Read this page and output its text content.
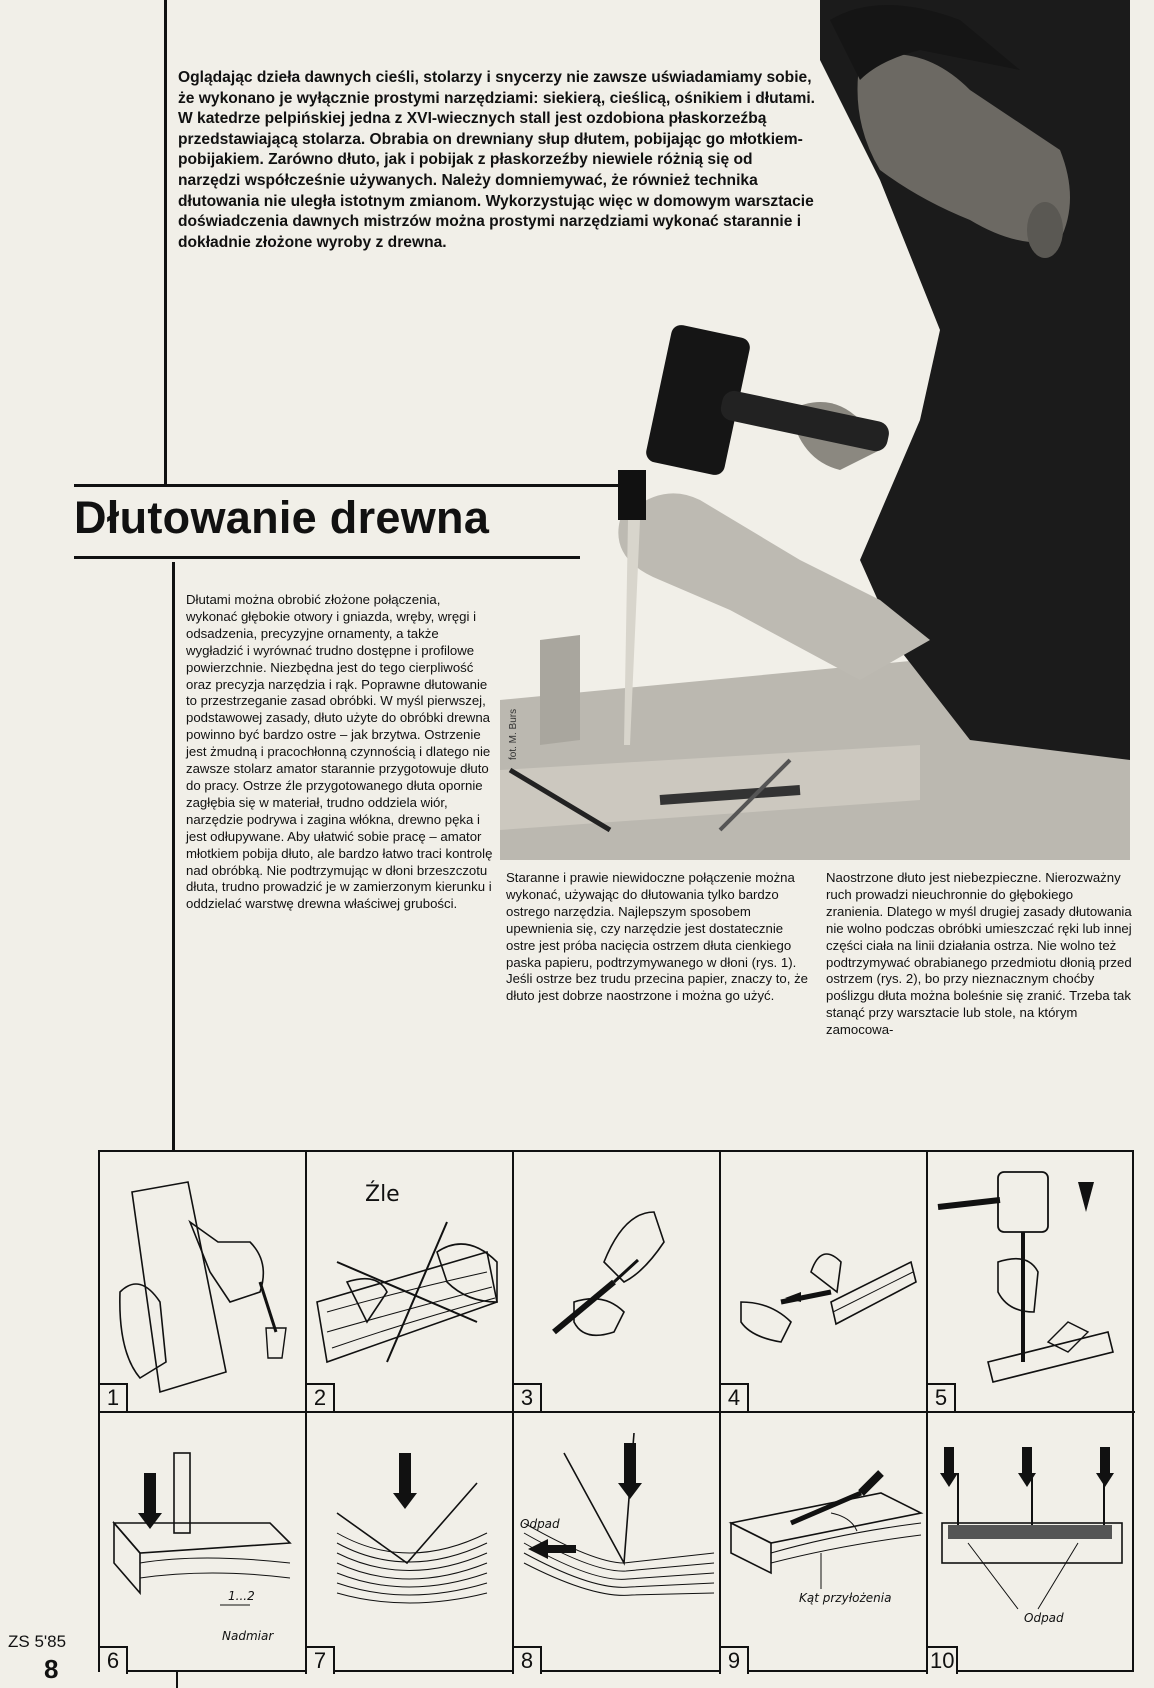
Oglądając dzieła dawnych cieśli, stolarzy i snycerzy nie zawsze uświadamiamy sobie, że wykonano je wyłącznie prostymi narzędziami: siekierą, cieślicą, ośnikiem i dłutami. W katedrze pelpińskiej jedna z XVI-wiecznych stall jest ozdobiona płaskorzeźbą przedstawiającą stolarza. Obrabia on drewniany słup dłutem, pobijając go młotkiem-pobijakiem. Zarówno dłuto, jak i pobijak z płaskorzeźby niewiele różnią się od narzędzi współcześnie używanych. Należy domniemywać, że również technika dłutowania nie uległa istotnym zmianom. Wykorzystując więc w domowym warsztacie doświadczenia dawnych mistrzów można prostymi narzędziami wykonać starannie i dokładnie złożone wyroby z drewna.

fot. M. Burs
Dłutowanie drewna

Dłutami można obrobić złożone połączenia, wykonać głębokie otwory i gniazda, wręby, wręgi i odsadzenia, precyzyjne ornamenty, a także wygładzić i wyrównać trudno dostępne i profilowe powierzchnie. Niezbędna jest do tego cierpliwość oraz precyzja narzędzia i rąk. Poprawne dłutowanie to przestrzeganie zasad obróbki. W myśl pierwszej, podstawowej zasady, dłuto użyte do obróbki drewna powinno być bardzo ostre – jak brzytwa. Ostrzenie jest żmudną i pracochłonną czynnością i dlatego nie zawsze stolarz amator starannie przygotowuje dłuto do pracy. Ostrze źle przygotowanego dłuta opornie zagłębia się w materiał, trudno oddziela wiór, narzędzie podrywa i zagina włókna, drewno pęka i jest odłupywane. Aby ułatwić sobie pracę – amator młotkiem pobija dłuto, ale bardzo łatwo traci kontrolę nad obróbką. Nie podtrzymując w dłoni brzeszczotu dłuta, trudno prowadzić je w zamierzonym kierunku i oddzielać warstwę drewna właściwej grubości.

Staranne i prawie niewidoczne połączenie można wykonać, używając do dłutowania tylko bardzo ostrego narzędzia. Najlepszym sposobem upewnienia się, czy narzędzie jest dostatecznie ostre jest próba nacięcia ostrzem dłuta cienkiego paska papieru, podtrzymywanego w dłoni (rys. 1). Jeśli ostrze bez trudu przecina papier, znaczy to, że dłuto jest dobrze naostrzone i można go użyć.

Naostrzone dłuto jest niebezpieczne. Nierozważny ruch prowadzi nieuchronnie do głębokiego zranienia. Dlatego w myśl drugiej zasady dłutowania nie wolno podczas obróbki umieszczać ręki lub innej części ciała na linii działania ostrza. Nie wolno też podtrzymywać obrabianego przedmiotu dłonią przed ostrzem (rys. 2), bo przy nieznacznym choćby poślizgu dłuta można boleśnie się zranić. Trzeba tak stanąć przy warsztacie lub stole, na którym zamocowa-

1
Źle
2	3	4	5
1...2
Nadmiar
6	7
Odpad
8
Kąt przyłożenia
9
Odpad
10
ZS 5'85
8
